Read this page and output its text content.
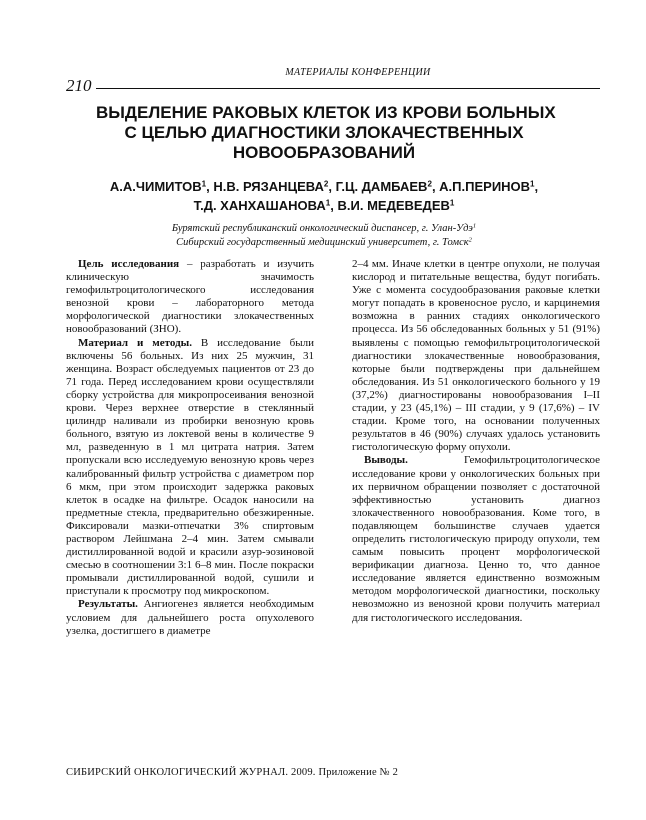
МАТЕРИАЛЫ КОНФЕРЕНЦИИ
210
ВЫДЕЛЕНИЕ РАКОВЫХ КЛЕТОК ИЗ КРОВИ БОЛЬНЫХ
С ЦЕЛЬЮ ДИАГНОСТИКИ ЗЛОКАЧЕСТВЕННЫХ
НОВООБРАЗОВАНИЙ
А.А.ЧИМИТОВ$^1$, Н.В. РЯЗАНЦЕВА$^2$, Г.Ц. ДАМБАЕВ$^2$, А.П.ПЕРИНОВ$^1$,
Т.Д. ХАНХАШАНОВА$^1$, В.И. МЕДЕВЕДЕВ$^1$
Бурятский республиканский онкологический диспансер, г. Улан-Удэ$^1$
Сибирский государственный медицинский университет, г. Томск$^2$

Цель исследования – разработать и изучить клиническую значимость гемофильтроцитологического исследования венозной крови – лабораторного метода морфологической диагностики злокачественных новообразований (ЗНО).

Материал и методы. В исследование были включены 56 больных. Из них 25 мужчин, 31 женщина. Возраст обследуемых пациентов от 23 до 71 года. Перед исследованием крови осуществляли сборку устройства для микропросеивания венозной крови. Через верхнее отверстие в стеклянный цилиндр наливали из пробирки венозную кровь больного, взятую из локтевой вены в количестве 9 мл, разведенную в 1 мл цитрата натрия. Затем пропускали всю исследуемую венозную кровь через калиброванный фильтр устройства с диаметром пор 6 мкм, при этом происходит задержка раковых клеток в осадке на фильтре. Осадок наносили на предметные стекла, предварительно обезжиренные. Фиксировали мазки-отпечатки 3% спиртовым раствором Лейшмана 2–4 мин. Затем смывали дистиллированной водой и красили азур-эозиновой смесью в соотношении 3:1 6–8 мин. После покраски промывали дистиллированной водой, сушили и приступали к просмотру под микроскопом.

Результаты. Ангиогенез является необходимым условием для дальнейшего роста опухолевого узелка, достигшего в диаметре

2–4 мм. Иначе клетки в центре опухоли, не получая кислород и питательные вещества, будут погибать. Уже с момента сосудообразования раковые клетки могут попадать в кровеносное русло, и карцинемия возможна в ранних стадиях онкологического процесса. Из 56 обследованных больных у 51 (91%) выявлены с помощью гемофильтроцитологической диагностики злокачественные новообразования, которые были подтверждены при дальнейшем обследования. Из 51 онкологического больного у 19 (37,2%) диагностированы новообразования I–II стадии, у 23 (45,1%) – III стадии, у 9 (17,6%) – IV стадии. Кроме того, на основании полученных результатов в 46 (90%) случаях удалось установить гистологическую форму опухоли.

Выводы. Гемофильтроцитологическое исследование крови у онкологических больных при их первичном обращении позволяет с достаточной эффективностью установить диагноз злокачественного новообразования. Коме того, в подавляющем большинстве случаев удается определить гистологическую природу опухоли, тем самым повысить процент морфологической верификации диагноза. Ценно то, что данное исследование является единственно возможным методом морфологической диагностики, поскольку невозможно из венозной крови получить материал для гистологического исследования.

СИБИРСКИЙ ОНКОЛОГИЧЕСКИЙ ЖУРНАЛ. 2009. Приложение № 2
